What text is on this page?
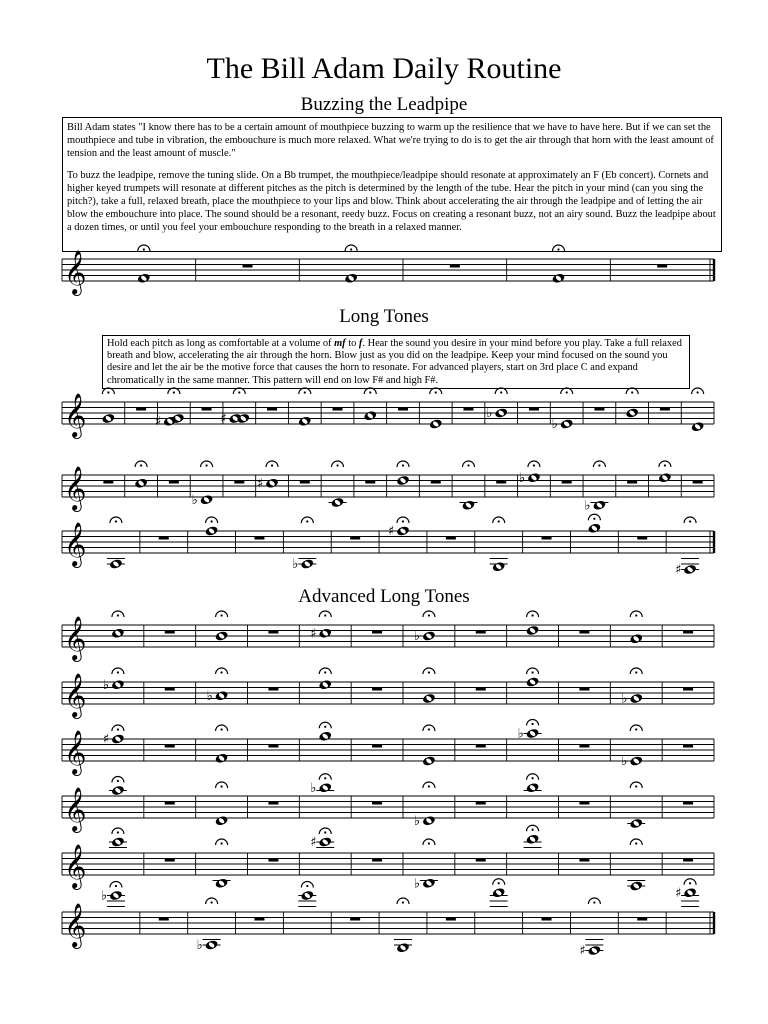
The Bill Adam Daily Routine
Buzzing the Leadpipe

Bill Adam states "I know there has to be a certain amount of mouthpiece buzzing to warm up the resilience that we have to have here. But if we can set the mouthpiece and tube in vibration, the embouchure is much more relaxed. What we're trying to do is to get the air through that horn with the least amount of tension and the least amount of muscle."

To buzz the leadpipe, remove the tuning slide. On a Bb trumpet, the mouthpiece/leadpipe should resonate at approximately an F (Eb concert). Cornets and higher keyed trumpets will resonate at different pitches as the pitch is determined by the length of the tube. Hear the pitch in your mind (can you sing the pitch?), take a full, relaxed breath, place the mouthpiece to your lips and blow. Think about accelerating the air through the leadpipe and of letting the air blow the embouchure into place. The sound should be a resonant, reedy buzz. Focus on creating a resonant buzz, not an airy sound. Buzz the leadpipe about a dozen times, or until you feel your embouchure responding to the breath in a relaxed manner.

Long Tones
Hold each pitch as long as comfortable at a volume of mf to f. Hear the sound you desire in your mind before you play. Take a full relaxed breath and blow, accelerating the air through the horn. Blow just as you did on the leadpipe. Keep your mind focused on the sound you desire and let the air be the motive force that causes the horn to resonate. For advanced players, start on 3rd place C and expand chromatically in the same manner. This pattern will end on low F# and high F#.
Advanced Long Tones
𝄞
𝄞	♯	♯	♭
♭
𝄞	♭
♯	♭
♭
𝄞	♭
♯
♯
𝄞	♯	♭
𝄞 ♭
♭	♭
𝄞 ♯	♭
♭
𝄞	♭
♭
𝄞
♯
♭
𝄞
♭
♭	♯
♯
